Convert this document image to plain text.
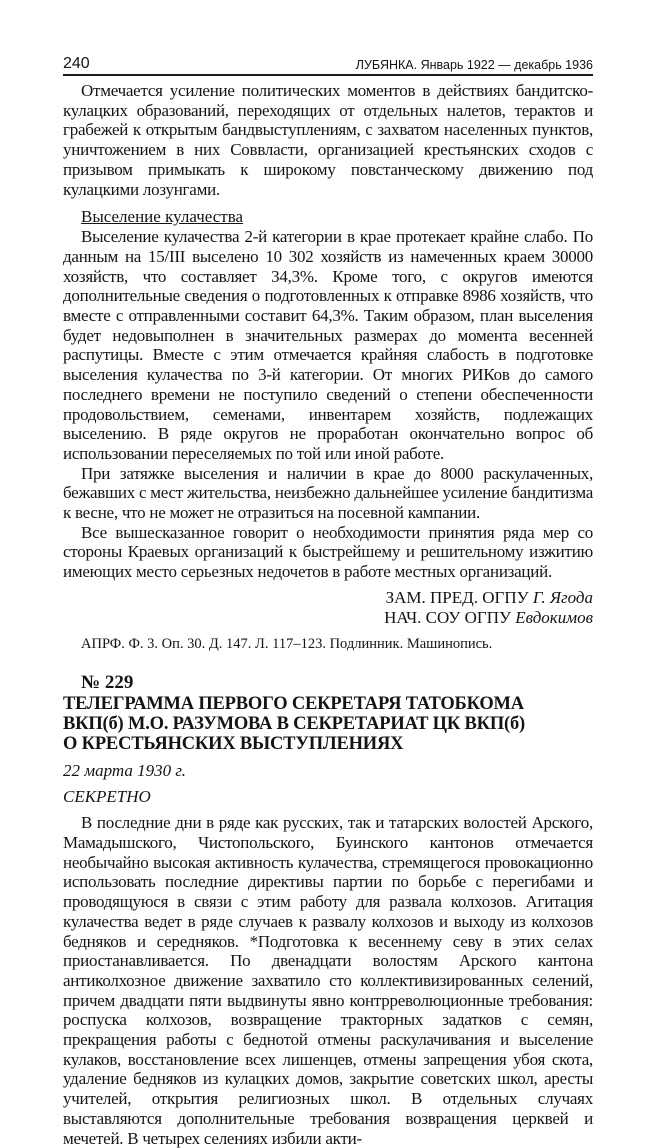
240	ЛУБЯНКА. Январь 1922 — декабрь 1936

Отмечается усиление политических моментов в действиях бандитско-кулацких образований, переходящих от отдельных налетов, терактов и грабежей к открытым бандвыступлениям, с захватом населенных пунктов, уничтожением в них Соввласти, организацией крестьянских сходов с призывом примыкать к широкому повстанческому движению под кулацкими лозунгами.

Выселение кулачества

Выселение кулачества 2-й категории в крае протекает крайне слабо. По данным на 15/III выселено 10 302 хозяйств из намеченных краем 30000 хозяйств, что составляет 34,3%. Кроме того, с округов имеются дополнительные сведения о подготовленных к отправке 8986 хозяйств, что вместе с отправленными составит 64,3%. Таким образом, план выселения будет недовыполнен в значительных размерах до момента весенней распутицы. Вместе с этим отмечается крайняя слабость в подготовке выселения кулачества по 3-й категории. От многих РИКов до самого последнего времени не поступило сведений о степени обеспеченности продовольствием, семенами, инвентарем хозяйств, подлежащих выселению. В ряде округов не проработан окончательно вопрос об использовании переселяемых по той или иной работе.

При затяжке выселения и наличии в крае до 8000 раскулаченных, бежавших с мест жительства, неизбежно дальнейшее усиление бандитизма к весне, что не может не отразиться на посевной кампании.

Все вышесказанное говорит о необходимости принятия ряда мер со стороны Краевых организаций к быстрейшему и решительному изжитию имеющих место серьезных недочетов в работе местных организаций.

ЗАМ. ПРЕД. ОГПУ Г. Ягода
НАЧ. СОУ ОГПУ Евдокимов
АПРФ. Ф. 3. Оп. 30. Д. 147. Л. 117–123. Подлинник. Машинопись.
№ 229
ТЕЛЕГРАММА ПЕРВОГО СЕКРЕТАРЯ ТАТОБКОМА
ВКП(б) М.О. РАЗУМОВА В СЕКРЕТАРИАТ ЦК ВКП(б)
О КРЕСТЬЯНСКИХ ВЫСТУПЛЕНИЯХ
22 марта 1930 г.
СЕКРЕТНО

В последние дни в ряде как русских, так и татарских волостей Арского, Мамадышского, Чистопольского, Буинского кантонов отмечается необычайно высокая активность кулачества, стремящегося провокационно использовать последние директивы партии по борьбе с перегибами и проводящуюся в связи с этим работу для развала колхозов. Агитация кулачества ведет в ряде случаев к развалу колхозов и выходу из колхозов бедняков и середняков. *Подготовка к весеннему севу в этих селах приостанавливается. По двенадцати волостям Арского кантона антиколхозное движение захватило сто коллективизированных селений, причем двадцати пяти выдвинуты явно контрреволюционные требования: роспуска колхозов, возвращение тракторных задатков с семян, прекращения работы с беднотой отмены раскулачивания и выселение кулаков, восстановление всех лишенцев, отмены запрещения убоя скота, удаление бедняков из кулацких домов, закрытие советских школ, аресты учителей, открытия религиозных школ. В отдельных случаях выставляются дополнительные требования возвращения церквей и мечетей. В четырех селениях избили акти-
